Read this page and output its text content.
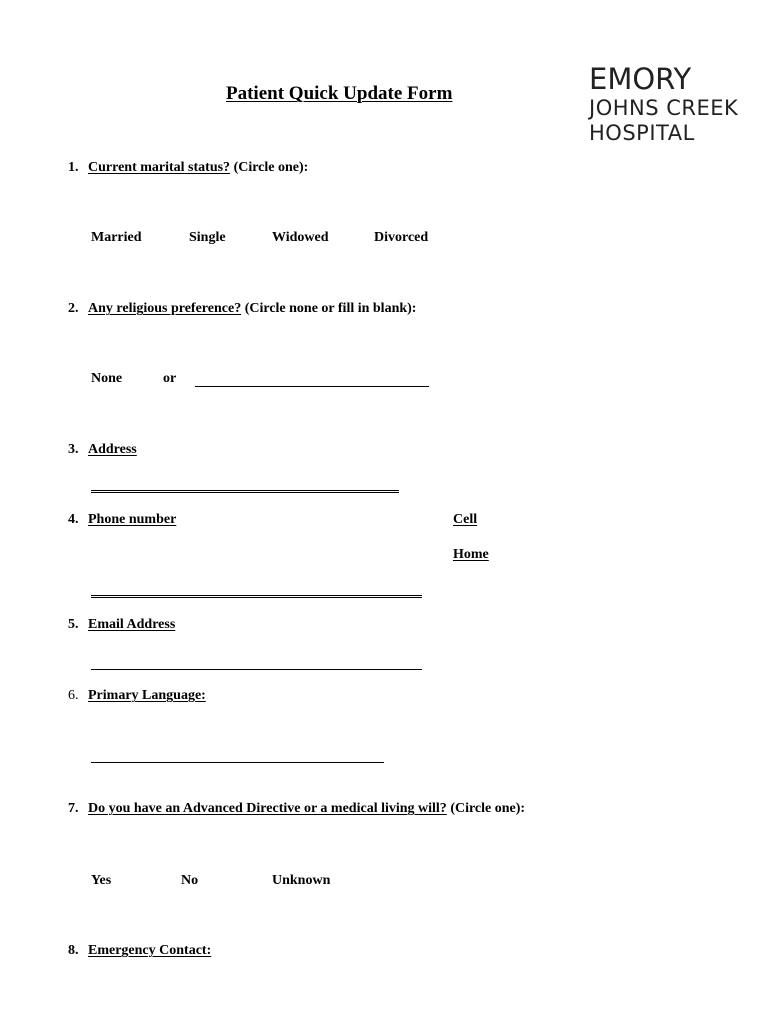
Patient Quick Update Form	EMORY
JOHNS CREEK
HOSPITAL
1. Current marital status? (Circle one):
Married	Single	Widowed	Divorced
2. Any religious preference? (Circle none or fill in blank):
None	or
3. Address
4. Phone number	Cell
Home
5. Email Address
6. Primary Language:
7. Do you have an Advanced Directive or a medical living will? (Circle one):
Yes	No	Unknown
8. Emergency Contact:
